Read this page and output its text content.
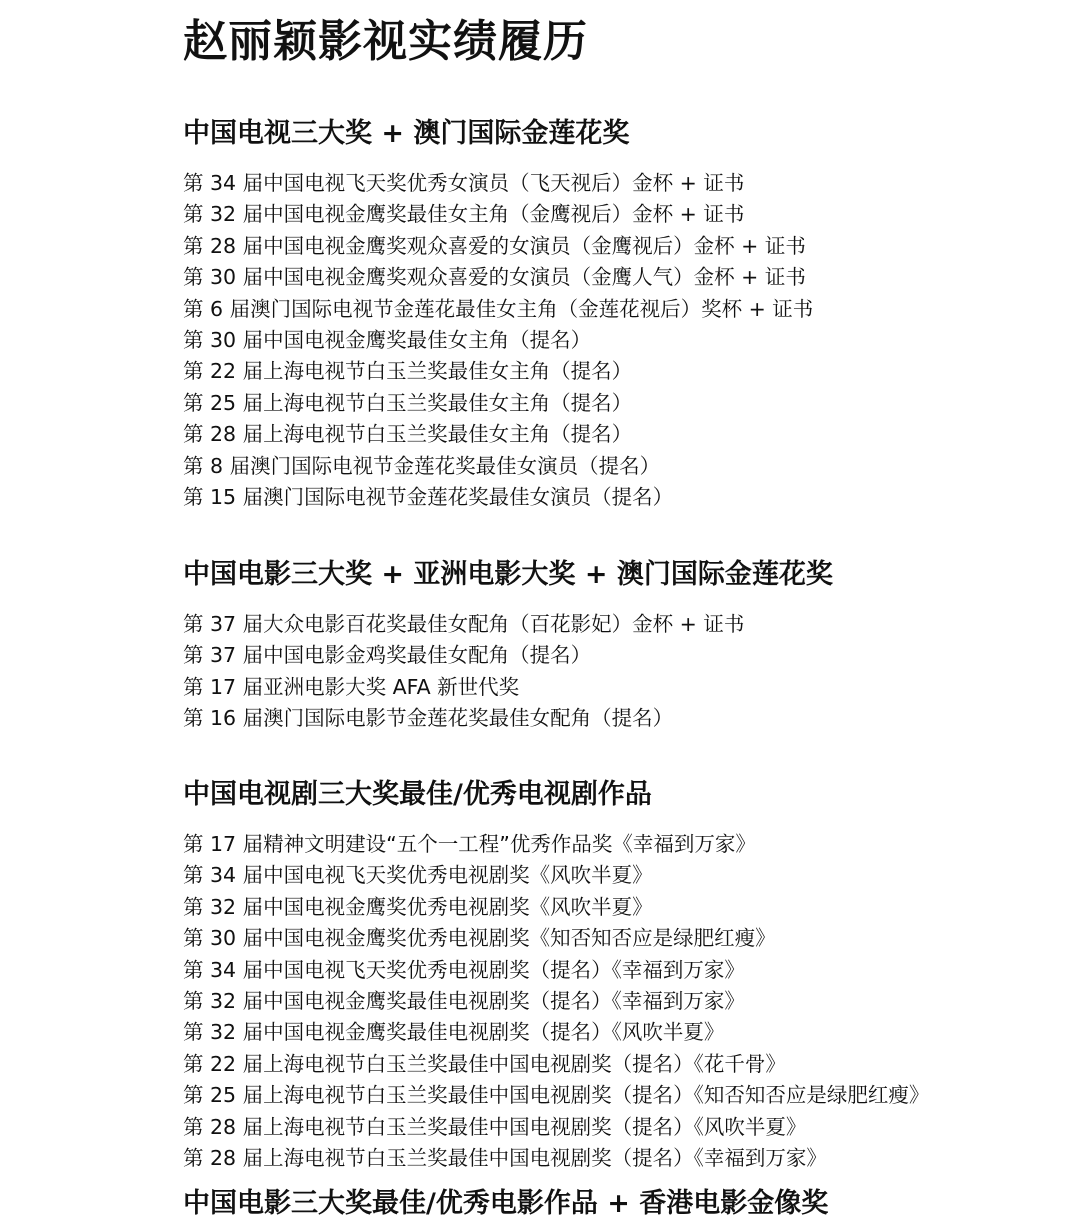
赵丽颖影视实绩履历
中国电视三大奖 + 澳门国际金莲花奖
第 34 届中国电视飞天奖优秀女演员（飞天视后）金杯 + 证书
第 32 届中国电视金鹰奖最佳女主角（金鹰视后）金杯 + 证书
第 28 届中国电视金鹰奖观众喜爱的女演员（金鹰视后）金杯 + 证书
第 30 届中国电视金鹰奖观众喜爱的女演员（金鹰人气）金杯 + 证书
第 6 届澳门国际电视节金莲花最佳女主角（金莲花视后）奖杯 + 证书
第 30 届中国电视金鹰奖最佳女主角（提名）
第 22 届上海电视节白玉兰奖最佳女主角（提名）
第 25 届上海电视节白玉兰奖最佳女主角（提名）
第 28 届上海电视节白玉兰奖最佳女主角（提名）
第 8 届澳门国际电视节金莲花奖最佳女演员（提名）
第 15 届澳门国际电视节金莲花奖最佳女演员（提名）
中国电影三大奖 + 亚洲电影大奖 + 澳门国际金莲花奖
第 37 届大众电影百花奖最佳女配角（百花影妃）金杯 + 证书
第 37 届中国电影金鸡奖最佳女配角（提名）
第 17 届亚洲电影大奖 AFA 新世代奖
第 16 届澳门国际电影节金莲花奖最佳女配角（提名）
中国电视剧三大奖最佳/优秀电视剧作品
第 17 届精神文明建设“五个一工程”优秀作品奖《幸福到万家》
第 34 届中国电视飞天奖优秀电视剧奖《风吹半夏》
第 32 届中国电视金鹰奖优秀电视剧奖《风吹半夏》
第 30 届中国电视金鹰奖优秀电视剧奖《知否知否应是绿肥红瘦》
第 34 届中国电视飞天奖优秀电视剧奖（提名）《幸福到万家》
第 32 届中国电视金鹰奖最佳电视剧奖（提名）《幸福到万家》
第 32 届中国电视金鹰奖最佳电视剧奖（提名）《风吹半夏》
第 22 届上海电视节白玉兰奖最佳中国电视剧奖（提名）《花千骨》
第 25 届上海电视节白玉兰奖最佳中国电视剧奖（提名）《知否知否应是绿肥红瘦》
第 28 届上海电视节白玉兰奖最佳中国电视剧奖（提名）《风吹半夏》
第 28 届上海电视节白玉兰奖最佳中国电视剧奖（提名）《幸福到万家》
中国电影三大奖最佳/优秀电影作品 + 香港电影金像奖
